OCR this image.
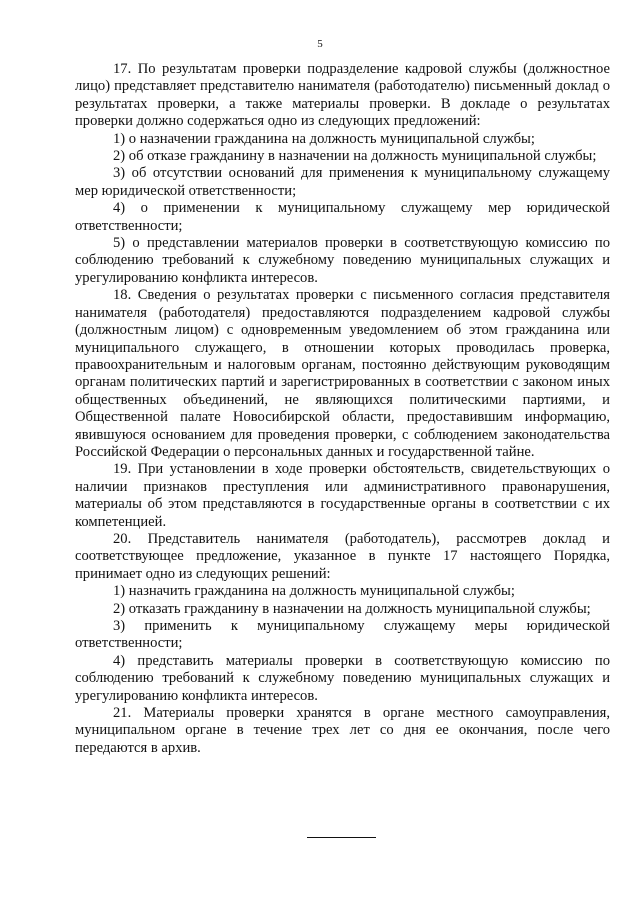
5

17. По результатам проверки подразделение кадровой службы (должностное лицо) представляет представителю нанимателя (работодателю) письменный доклад о результатах проверки, а также материалы проверки. В докладе о результатах проверки должно содержаться одно из следующих предложений:

1) о назначении гражданина на должность муниципальной службы;

2) об отказе гражданину в назначении на должность муниципальной службы;

3) об отсутствии оснований для применения к муниципальному служащему мер юридической ответственности;

4) о применении к муниципальному служащему мер юридической ответственности;

5) о представлении материалов проверки в соответствующую комиссию по соблюдению требований к служебному поведению муниципальных служащих и урегулированию конфликта интересов.

18. Сведения о результатах проверки с письменного согласия представителя нанимателя (работодателя) предоставляются подразделением кадровой службы (должностным лицом) с одновременным уведомлением об этом гражданина или муниципального служащего, в отношении которых проводилась проверка, правоохранительным и налоговым органам, постоянно действующим руководящим органам политических партий и зарегистрированных в соответствии с законом иных общественных объединений, не являющихся политическими партиями, и Общественной палате Новосибирской области, предоставившим информацию, явившуюся основанием для проведения проверки, с соблюдением законодательства Российской Федерации о персональных данных и государственной тайне.

19. При установлении в ходе проверки обстоятельств, свидетельствующих о наличии признаков преступления или административного правонарушения, материалы об этом представляются в государственные органы в соответствии с их компетенцией.

20. Представитель нанимателя (работодатель), рассмотрев доклад и соответствующее предложение, указанное в пункте 17 настоящего Порядка, принимает одно из следующих решений:

1) назначить гражданина на должность муниципальной службы;

2) отказать гражданину в назначении на должность муниципальной службы;

3) применить к муниципальному служащему меры юридической ответственности;

4) представить материалы проверки в соответствующую комиссию по соблюдению требований к служебному поведению муниципальных служащих и урегулированию конфликта интересов.

21. Материалы проверки хранятся в органе местного самоуправления, муниципальном органе в течение трех лет со дня ее окончания, после чего передаются в архив.
